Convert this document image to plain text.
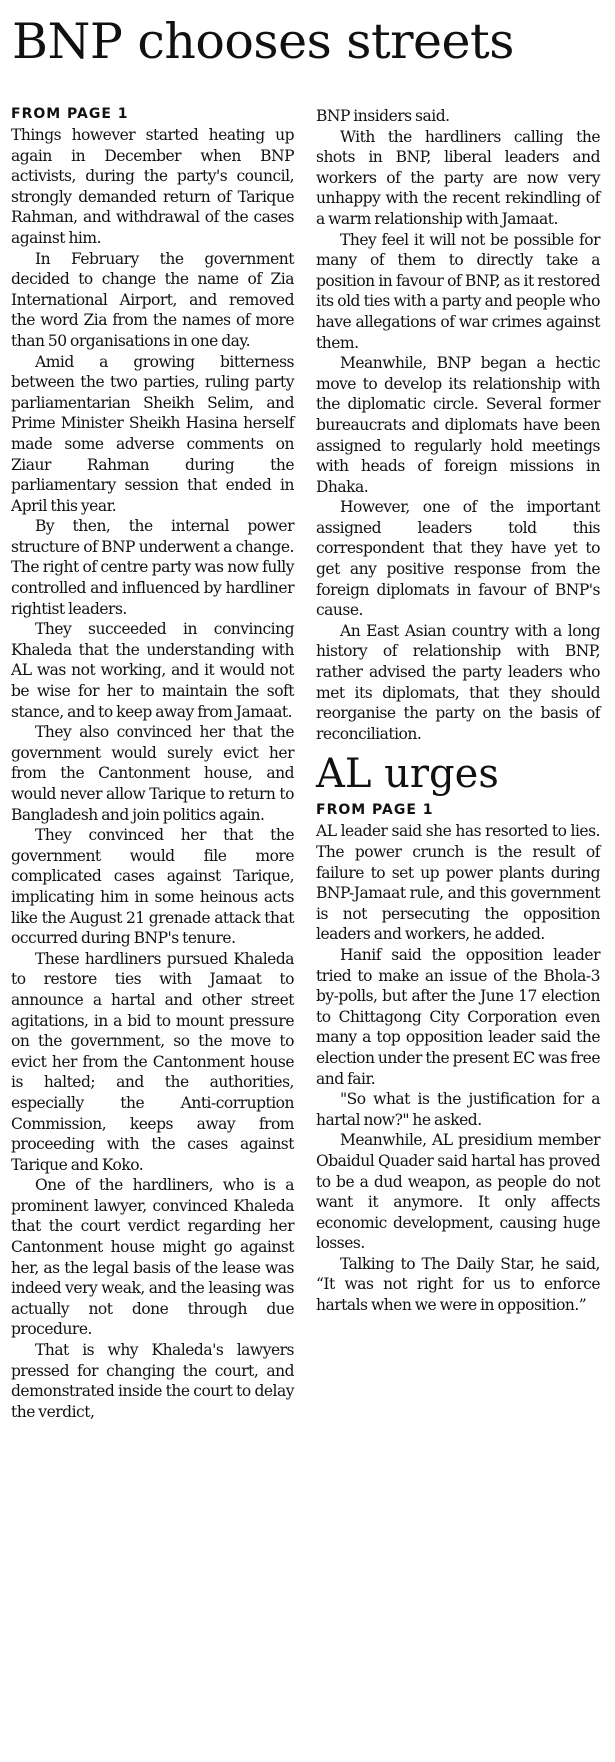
BNP chooses streets
FROM PAGE 1

Things however started heating up again in December when BNP activists, during the party's council, strongly demanded return of Tarique Rahman, and withdrawal of the cases against him.

In February the government decided to change the name of Zia International Airport, and removed the word Zia from the names of more than 50 organisations in one day.

Amid a growing bitterness between the two parties, ruling party parliamentarian Sheikh Selim, and Prime Minister Sheikh Hasina herself made some adverse comments on Ziaur Rahman during the parliamentary session that ended in April this year.

By then, the internal power structure of BNP underwent a change. The right of centre party was now fully controlled and influenced by hardliner rightist leaders.

They succeeded in convincing Khaleda that the understanding with AL was not working, and it would not be wise for her to maintain the soft stance, and to keep away from Jamaat.

They also convinced her that the government would surely evict her from the Cantonment house, and would never allow Tarique to return to Bangladesh and join politics again.

They convinced her that the government would file more complicated cases against Tarique, implicating him in some heinous acts like the August 21 grenade attack that occurred during BNP's tenure.

These hardliners pursued Khaleda to restore ties with Jamaat to announce a hartal and other street agitations, in a bid to mount pressure on the government, so the move to evict her from the Cantonment house is halted; and the authorities, especially the Anti-corruption Commission, keeps away from proceeding with the cases against Tarique and Koko.

One of the hardliners, who is a prominent lawyer, convinced Khaleda that the court verdict regarding her Cantonment house might go against her, as the legal basis of the lease was indeed very weak, and the leasing was actually not done through due procedure.

That is why Khaleda's lawyers pressed for changing the court, and demonstrated inside the court to delay the verdict,

BNP insiders said.

With the hardliners calling the shots in BNP, liberal leaders and workers of the party are now very unhappy with the recent rekindling of a warm relationship with Jamaat.

They feel it will not be possible for many of them to directly take a position in favour of BNP, as it restored its old ties with a party and people who have allegations of war crimes against them.

Meanwhile, BNP began a hectic move to develop its relationship with the diplomatic circle. Several former bureaucrats and diplomats have been assigned to regularly hold meetings with heads of foreign missions in Dhaka.

However, one of the important assigned leaders told this correspondent that they have yet to get any positive response from the foreign diplomats in favour of BNP's cause.

An East Asian country with a long history of relationship with BNP, rather advised the party leaders who met its diplomats, that they should reorganise the party on the basis of reconciliation.

AL urges
FROM PAGE 1

AL leader said she has resorted to lies. The power crunch is the result of failure to set up power plants during BNP-Jamaat rule, and this government is not persecuting the opposition leaders and workers, he added.

Hanif said the opposition leader tried to make an issue of the Bhola-3 by-polls, but after the June 17 election to Chittagong City Corporation even many a top opposition leader said the election under the present EC was free and fair.

"So what is the justification for a hartal now?" he asked.

Meanwhile, AL presidium member Obaidul Quader said hartal has proved to be a dud weapon, as people do not want it anymore. It only affects economic development, causing huge losses.

Talking to The Daily Star, he said, “It was not right for us to enforce hartals when we were in opposition.”
